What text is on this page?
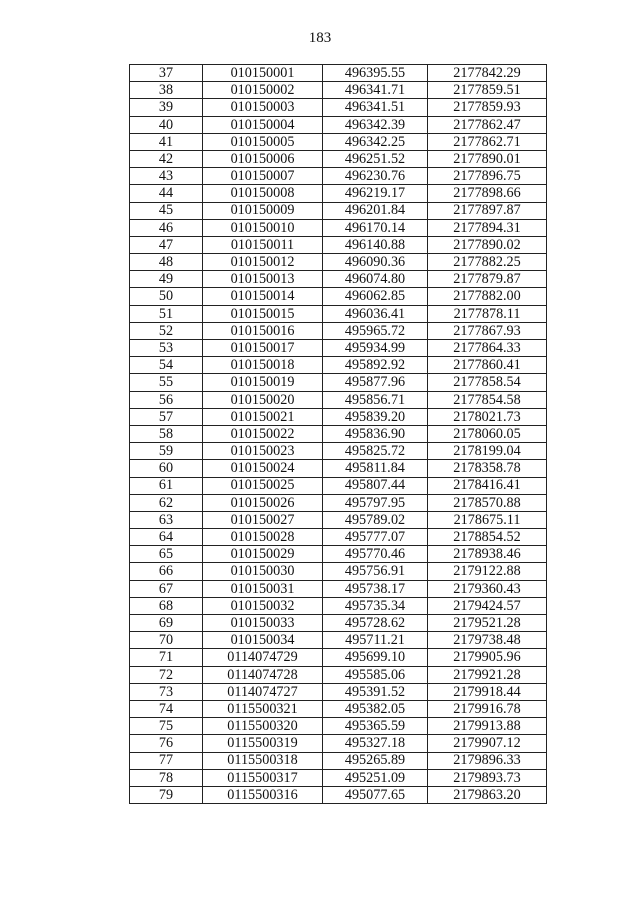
183
37	010150001	496395.55	2177842.29
38	010150002	496341.71	2177859.51
39	010150003	496341.51	2177859.93
40	010150004	496342.39	2177862.47
41	010150005	496342.25	2177862.71
42	010150006	496251.52	2177890.01
43	010150007	496230.76	2177896.75
44	010150008	496219.17	2177898.66
45	010150009	496201.84	2177897.87
46	010150010	496170.14	2177894.31
47	010150011	496140.88	2177890.02
48	010150012	496090.36	2177882.25
49	010150013	496074.80	2177879.87
50	010150014	496062.85	2177882.00
51	010150015	496036.41	2177878.11
52	010150016	495965.72	2177867.93
53	010150017	495934.99	2177864.33
54	010150018	495892.92	2177860.41
55	010150019	495877.96	2177858.54
56	010150020	495856.71	2177854.58
57	010150021	495839.20	2178021.73
58	010150022	495836.90	2178060.05
59	010150023	495825.72	2178199.04
60	010150024	495811.84	2178358.78
61	010150025	495807.44	2178416.41
62	010150026	495797.95	2178570.88
63	010150027	495789.02	2178675.11
64	010150028	495777.07	2178854.52
65	010150029	495770.46	2178938.46
66	010150030	495756.91	2179122.88
67	010150031	495738.17	2179360.43
68	010150032	495735.34	2179424.57
69	010150033	495728.62	2179521.28
70	010150034	495711.21	2179738.48
71	0114074729	495699.10	2179905.96
72	0114074728	495585.06	2179921.28
73	0114074727	495391.52	2179918.44
74	0115500321	495382.05	2179916.78
75	0115500320	495365.59	2179913.88
76	0115500319	495327.18	2179907.12
77	0115500318	495265.89	2179896.33
78	0115500317	495251.09	2179893.73
79	0115500316	495077.65	2179863.20
